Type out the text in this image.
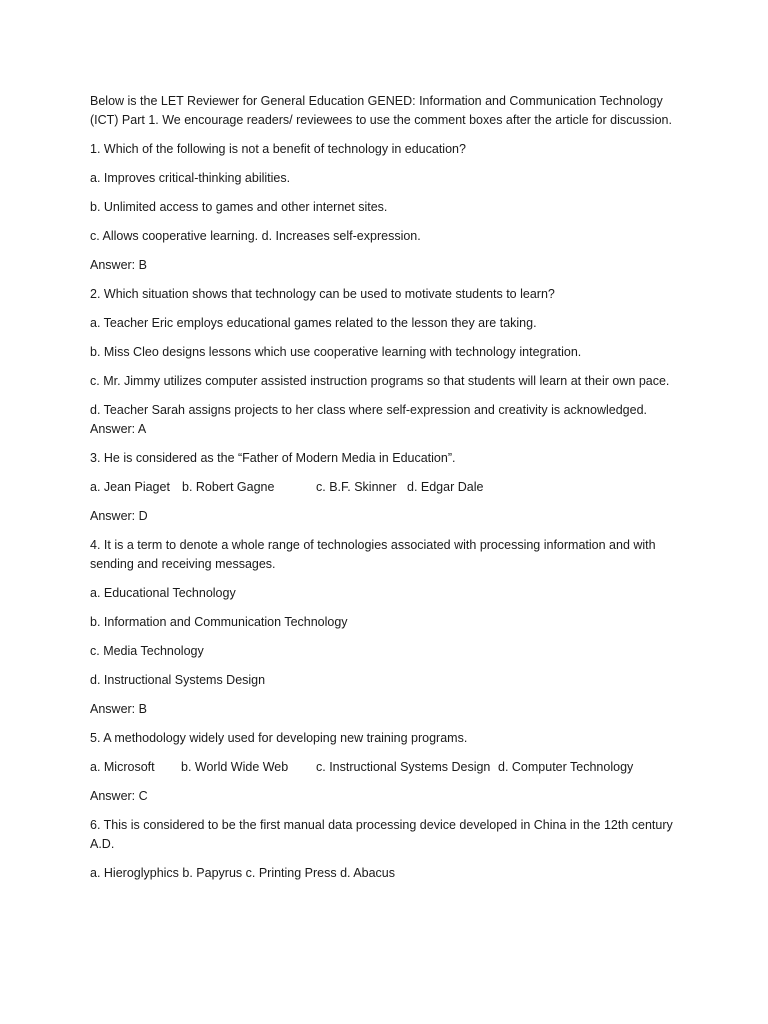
Below is the LET Reviewer for General Education GENED: Information and Communication Technology (ICT) Part 1. We encourage readers/ reviewees to use the comment boxes after the article for discussion.

1. Which of the following is not a benefit of technology in education?

a. Improves critical-thinking abilities.

b. Unlimited access to games and other internet sites.

c. Allows cooperative learning. d. Increases self-expression.

Answer: B

2. Which situation shows that technology can be used to motivate students to learn?

a. Teacher Eric employs educational games related to the lesson they are taking.

b. Miss Cleo designs lessons which use cooperative learning with technology integration.

c. Mr. Jimmy utilizes computer assisted instruction programs so that students will learn at their own pace.

d. Teacher Sarah assigns projects to her class where self-expression and creativity is acknowledged.

Answer: A

3. He is considered as the “Father of Modern Media in Education”.

a. Jean Piaget b. Robert Gagne	c. B.F. Skinner d. Edgar Dale

Answer: D

4. It is a term to denote a whole range of technologies associated with processing information and with sending and receiving messages.

a. Educational Technology

b. Information and Communication Technology

c. Media Technology

d. Instructional Systems Design

Answer: B

5. A methodology widely used for developing new training programs.

a. Microsoft b. World Wide Web c. Instructional Systems Design d. Computer Technology

Answer: C

6. This is considered to be the first manual data processing device developed in China in the 12th century A.D.

a. Hieroglyphics b. Papyrus c. Printing Press d. Abacus
